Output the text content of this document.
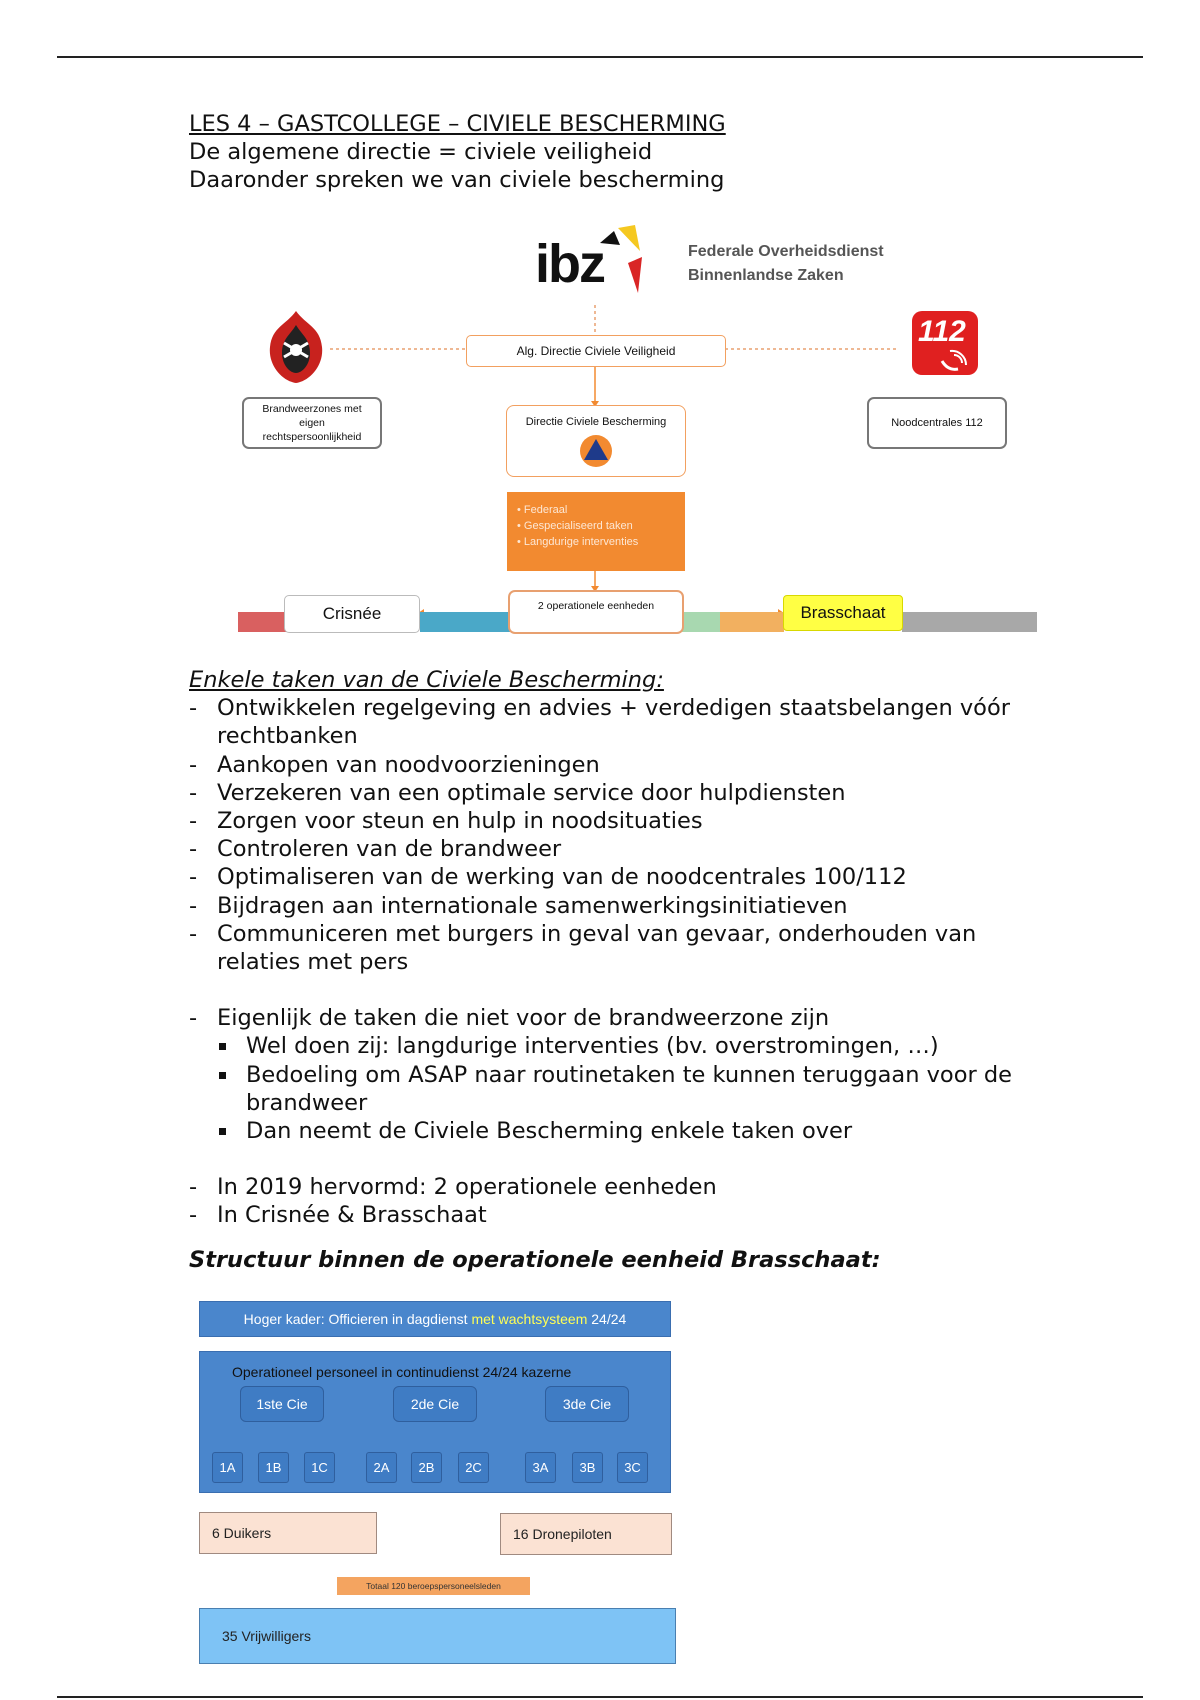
LES 4 – GASTCOLLEGE – CIVIELE BESCHERMING
De algemene directie = civiele veiligheid
Daaronder spreken we van civiele bescherming
ibz	Federale Overheidsdienst
Binnenlandse Zaken
Alg. Directie Civiele Veiligheid
112
Brandweerzones met eigen rechtspersoonlijkheid
Noodcentrales 112
Directie Civiele Bescherming
• Federaal
• Gespecialiseerd taken
• Langdurige interventies
Crisnée	2 operationele eenheden	Brasschaat
Enkele taken van de Civiele Bescherming:
- Ontwikkelen regelgeving en advies + verdedigen staatsbelangen vóór
rechtbanken
- Aankopen van noodvoorzieningen
- Verzekeren van een optimale service door hulpdiensten
- Zorgen voor steun en hulp in noodsituaties
- Controleren van de brandweer
- Optimaliseren van de werking van de noodcentrales 100/112
- Bijdragen aan internationale samenwerkingsinitiatieven
- Communiceren met burgers in geval van gevaar, onderhouden van
relaties met pers
- Eigenlijk de taken die niet voor de brandweerzone zijn
Wel doen zij: langdurige interventies (bv. overstromingen, …)
Bedoeling om ASAP naar routinetaken te kunnen teruggaan voor de
brandweer
Dan neemt de Civiele Bescherming enkele taken over
- In 2019 hervormd: 2 operationele eenheden
- In Crisnée & Brasschaat
Structuur binnen de operationele eenheid Brasschaat:
Hoger kader: Officieren in dagdienst
met wachtsysteem
24/24
Operationeel personeel in continudienst 24/24 kazerne
1ste Cie	2de Cie	3de Cie
1A	1B	1C	2A	2B	2C	3A	3B	3C
6 Duikers	16 Dronepiloten
Totaal 120 beroepspersoneelsleden
35 Vrijwilligers
